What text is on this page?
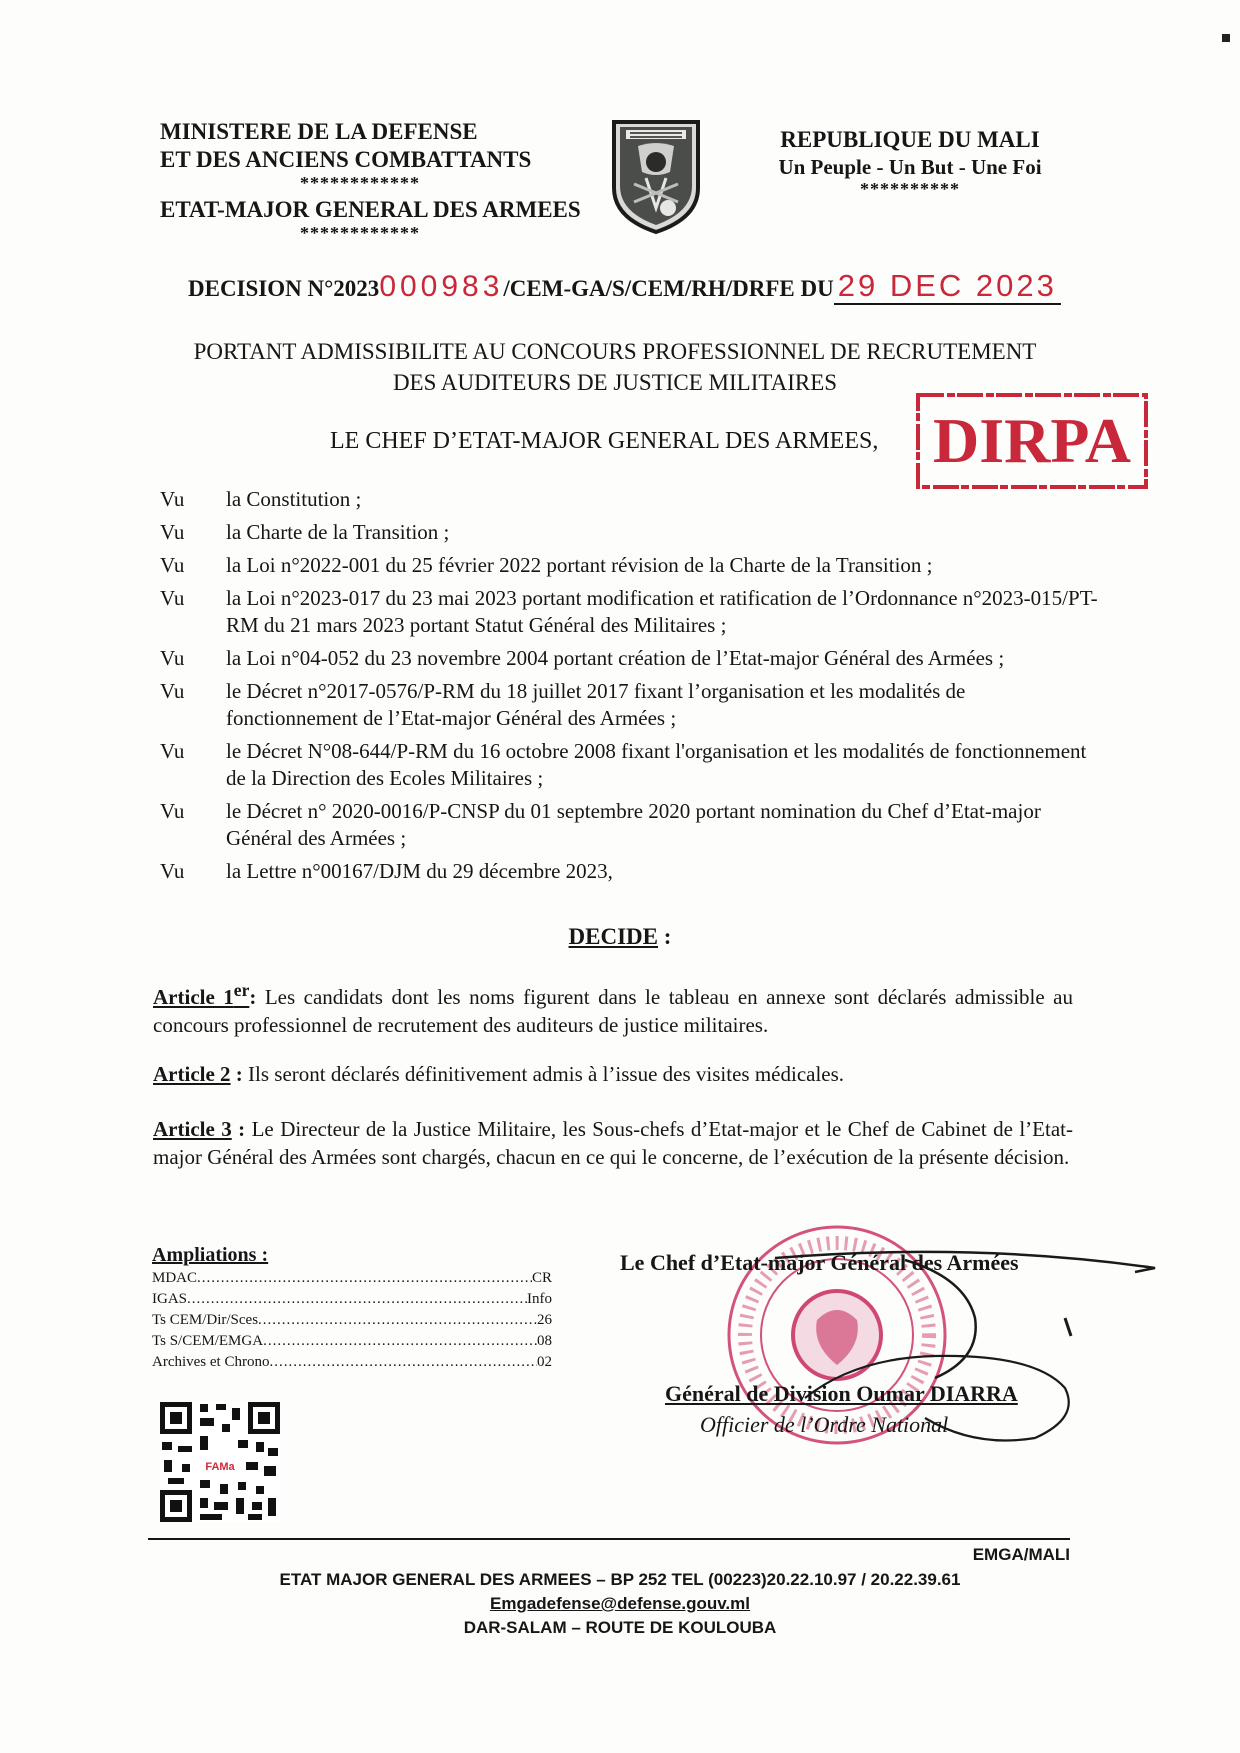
MINISTERE DE LA DEFENSE
ET DES ANCIENS COMBATTANTS
************
ETAT-MAJOR GENERAL DES ARMEES
************
REPUBLIQUE DU MALI
Un Peuple - Un But - Une Foi
**********
DECISION N°2023000983/CEM-GA/S/CEM/RH/DRFE DU 29 DEC 2023
PORTANT ADMISSIBILITE AU CONCOURS PROFESSIONNEL DE RECRUTEMENT
DES AUDITEURS DE JUSTICE MILITAIRES
LE CHEF D’ETAT-MAJOR GENERAL DES ARMEES, DIRPA
Vu	la Constitution ;
Vu	la Charte de la Transition ;
Vu	la Loi n°2022-001 du 25 février 2022 portant révision de la Charte de la Transition ;
Vu	la Loi n°2023-017 du 23 mai 2023 portant modification et ratification de l’Ordonnance n°2023-015/PT-RM du 21 mars 2023 portant Statut Général des Militaires ;
Vu	la Loi n°04-052 du 23 novembre 2004 portant création de l’Etat-major Général des Armées ;
Vu	le Décret n°2017-0576/P-RM du 18 juillet 2017 fixant l’organisation et les modalités de fonctionnement de l’Etat-major Général des Armées ;
Vu	le Décret N°08-644/P-RM du 16 octobre 2008 fixant l'organisation et les modalités de fonctionnement de la Direction des Ecoles Militaires ;
Vu	le Décret n° 2020-0016/P-CNSP du 01 septembre 2020 portant nomination du Chef d’Etat-major Général des Armées ;
Vu	la Lettre n°00167/DJM du 29 décembre 2023,
DECIDE :
Article 1er: Les candidats dont les noms figurent dans le tableau en annexe sont déclarés admissible au concours professionnel de recrutement des auditeurs de justice militaires.
Article 2 : Ils seront déclarés définitivement admis à l’issue des visites médicales.
Article 3 : Le Directeur de la Justice Militaire, les Sous-chefs d’Etat-major et le Chef de Cabinet de l’Etat-major Général des Armées sont chargés, chacun en ce qui le concerne, de l’exécution de la présente décision.
Ampliations :
MDAC .....	CR
IGAS .....	Info
Ts CEM/Dir/Sces .....	26
Ts S/CEM/EMGA .....	08
Archives et Chrono .....	02
FAMa
Le Chef d’Etat-major Général des Armées
Général de Division Oumar DIARRA
Officier de l’Ordre National
EMGA/MALI
ETAT MAJOR GENERAL DES ARMEES – BP 252 TEL (00223)20.22.10.97 / 20.22.39.61
Emgadefense@defense.gouv.ml
DAR-SALAM – ROUTE DE KOULOUBA
